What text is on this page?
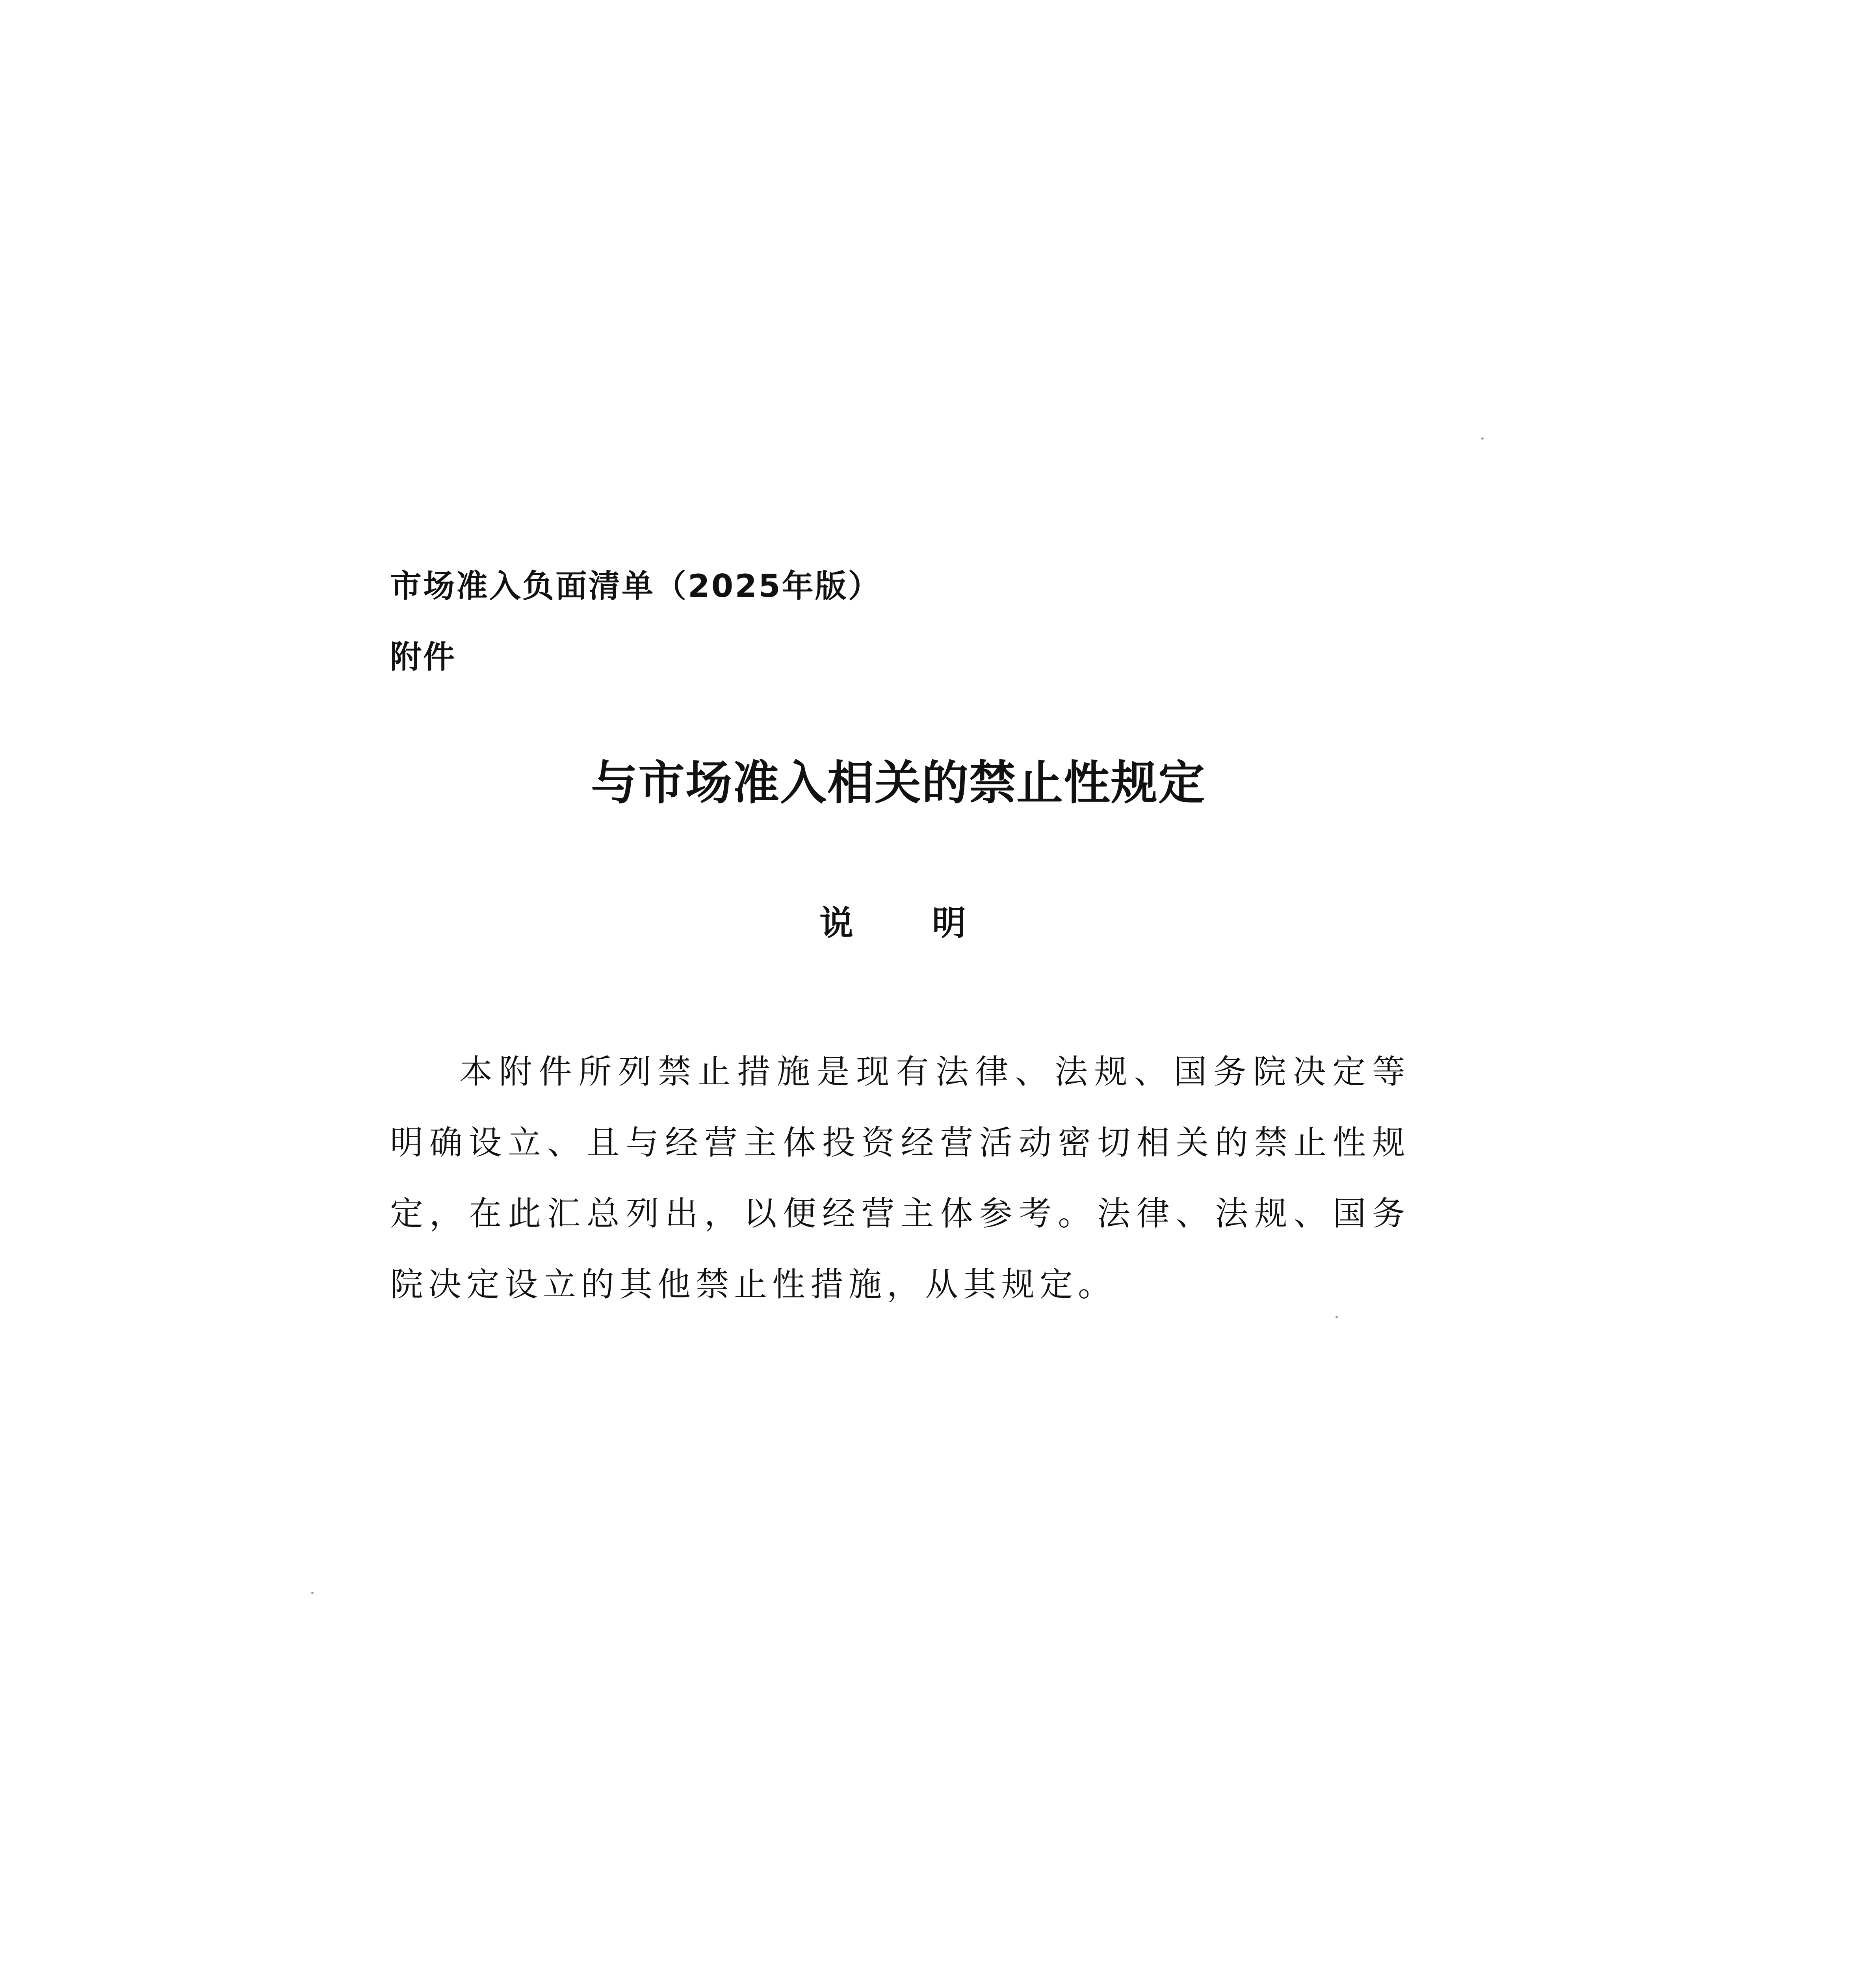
市场准入负面清单（2025年版）
附件
与市场准入相关的禁止性规定
说明
本附件所列禁止措施是现有法律、法规、国务院决定等明确设立、且与经营主体投资经营活动密切相关的禁止性规定，在此汇总列出，以便经营主体参考。法律、法规、国务院决定设立的其他禁止性措施，从其规定。
